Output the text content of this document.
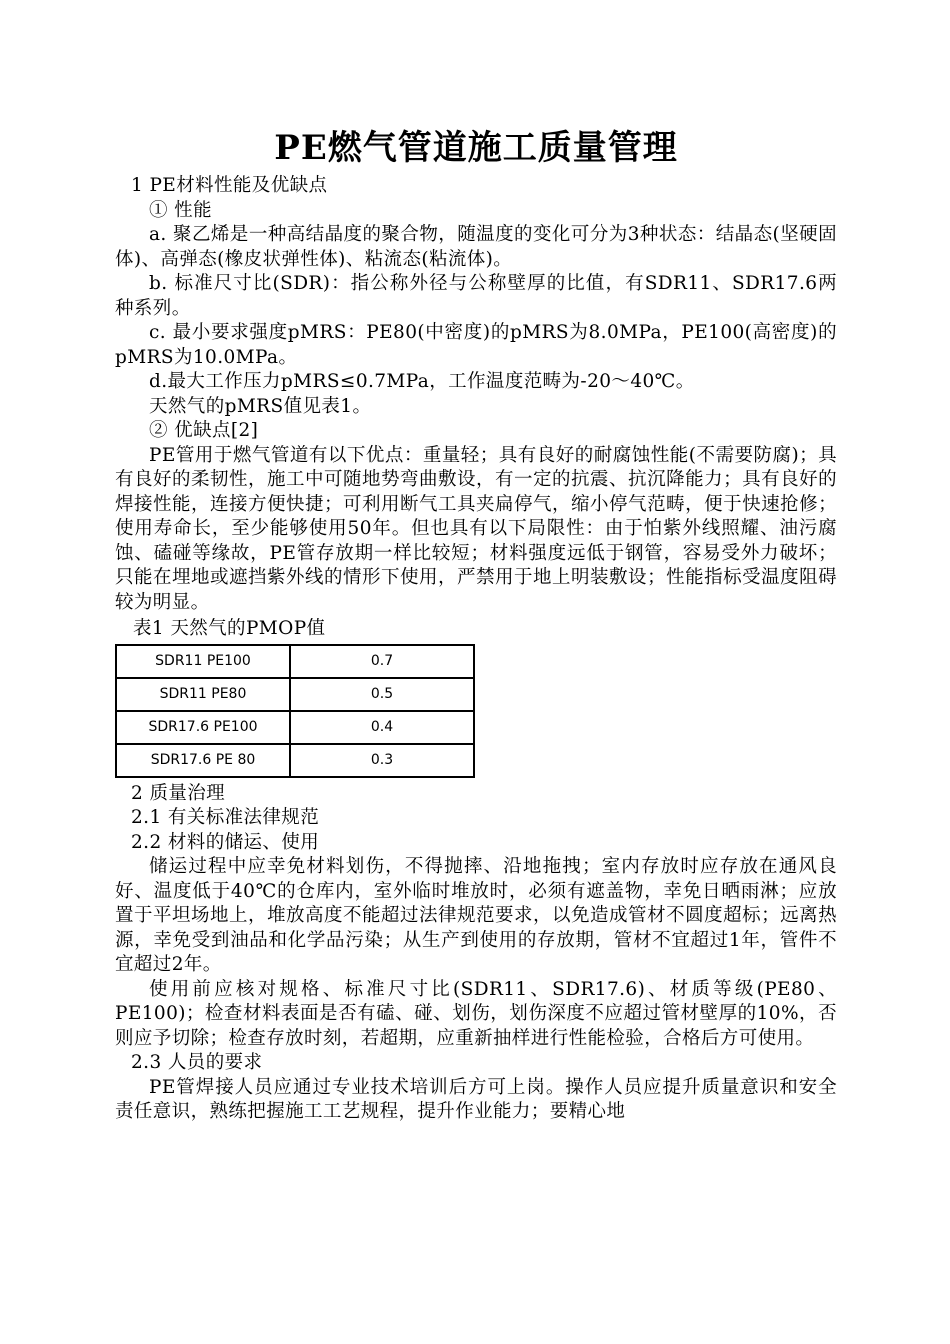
PE燃气管道施工质量管理

1 PE材料性能及优缺点

① 性能

a. 聚乙烯是一种高结晶度的聚合物，随温度的变化可分为3种状态：结晶态(坚硬固体)、高弹态(橡皮状弹性体)、粘流态(粘流体)。

b. 标准尺寸比(SDR)：指公称外径与公称壁厚的比值，有SDR11、SDR17.6两种系列。

c. 最小要求强度pMRS：PE80(中密度)的pMRS为8.0MPa，PE100(高密度)的pMRS为10.0MPa。

d.最大工作压力pMRS≤0.7MPa，工作温度范畴为-20～40℃。

天然气的pMRS值见表1。

② 优缺点[2]

PE管用于燃气管道有以下优点：重量轻；具有良好的耐腐蚀性能(不需要防腐)；具有良好的柔韧性，施工中可随地势弯曲敷设，有一定的抗震、抗沉降能力；具有良好的焊接性能，连接方便快捷；可利用断气工具夹扁停气，缩小停气范畴，便于快速抢修；使用寿命长，至少能够使用50年。但也具有以下局限性：由于怕紫外线照耀、油污腐蚀、磕碰等缘故，PE管存放期一样比较短；材料强度远低于钢管，容易受外力破坏；只能在埋地或遮挡紫外线的情形下使用，严禁用于地上明装敷设；性能指标受温度阻碍较为明显。

表1 天然气的PMOP值

SDR11 PE100	0.7
SDR11 PE80	0.5
SDR17.6 PE100	0.4
SDR17.6 PE 80	0.3

2 质量治理

2.1 有关标准法律规范

2.2 材料的储运、使用

储运过程中应幸免材料划伤，不得抛摔、沿地拖拽；室内存放时应存放在通风良好、温度低于40℃的仓库内，室外临时堆放时，必须有遮盖物，幸免日晒雨淋；应放置于平坦场地上，堆放高度不能超过法律规范要求，以免造成管材不圆度超标；远离热源，幸免受到油品和化学品污染；从生产到使用的存放期，管材不宜超过1年，管件不宜超过2年。

使用前应核对规格、标准尺寸比(SDR11、SDR17.6)、材质等级(PE80、PE100)；检查材料表面是否有磕、碰、划伤，划伤深度不应超过管材壁厚的10%，否则应予切除；检查存放时刻，若超期，应重新抽样进行性能检验，合格后方可使用。

2.3 人员的要求

PE管焊接人员应通过专业技术培训后方可上岗。操作人员应提升质量意识和安全责任意识，熟练把握施工工艺规程，提升作业能力；要精心地
